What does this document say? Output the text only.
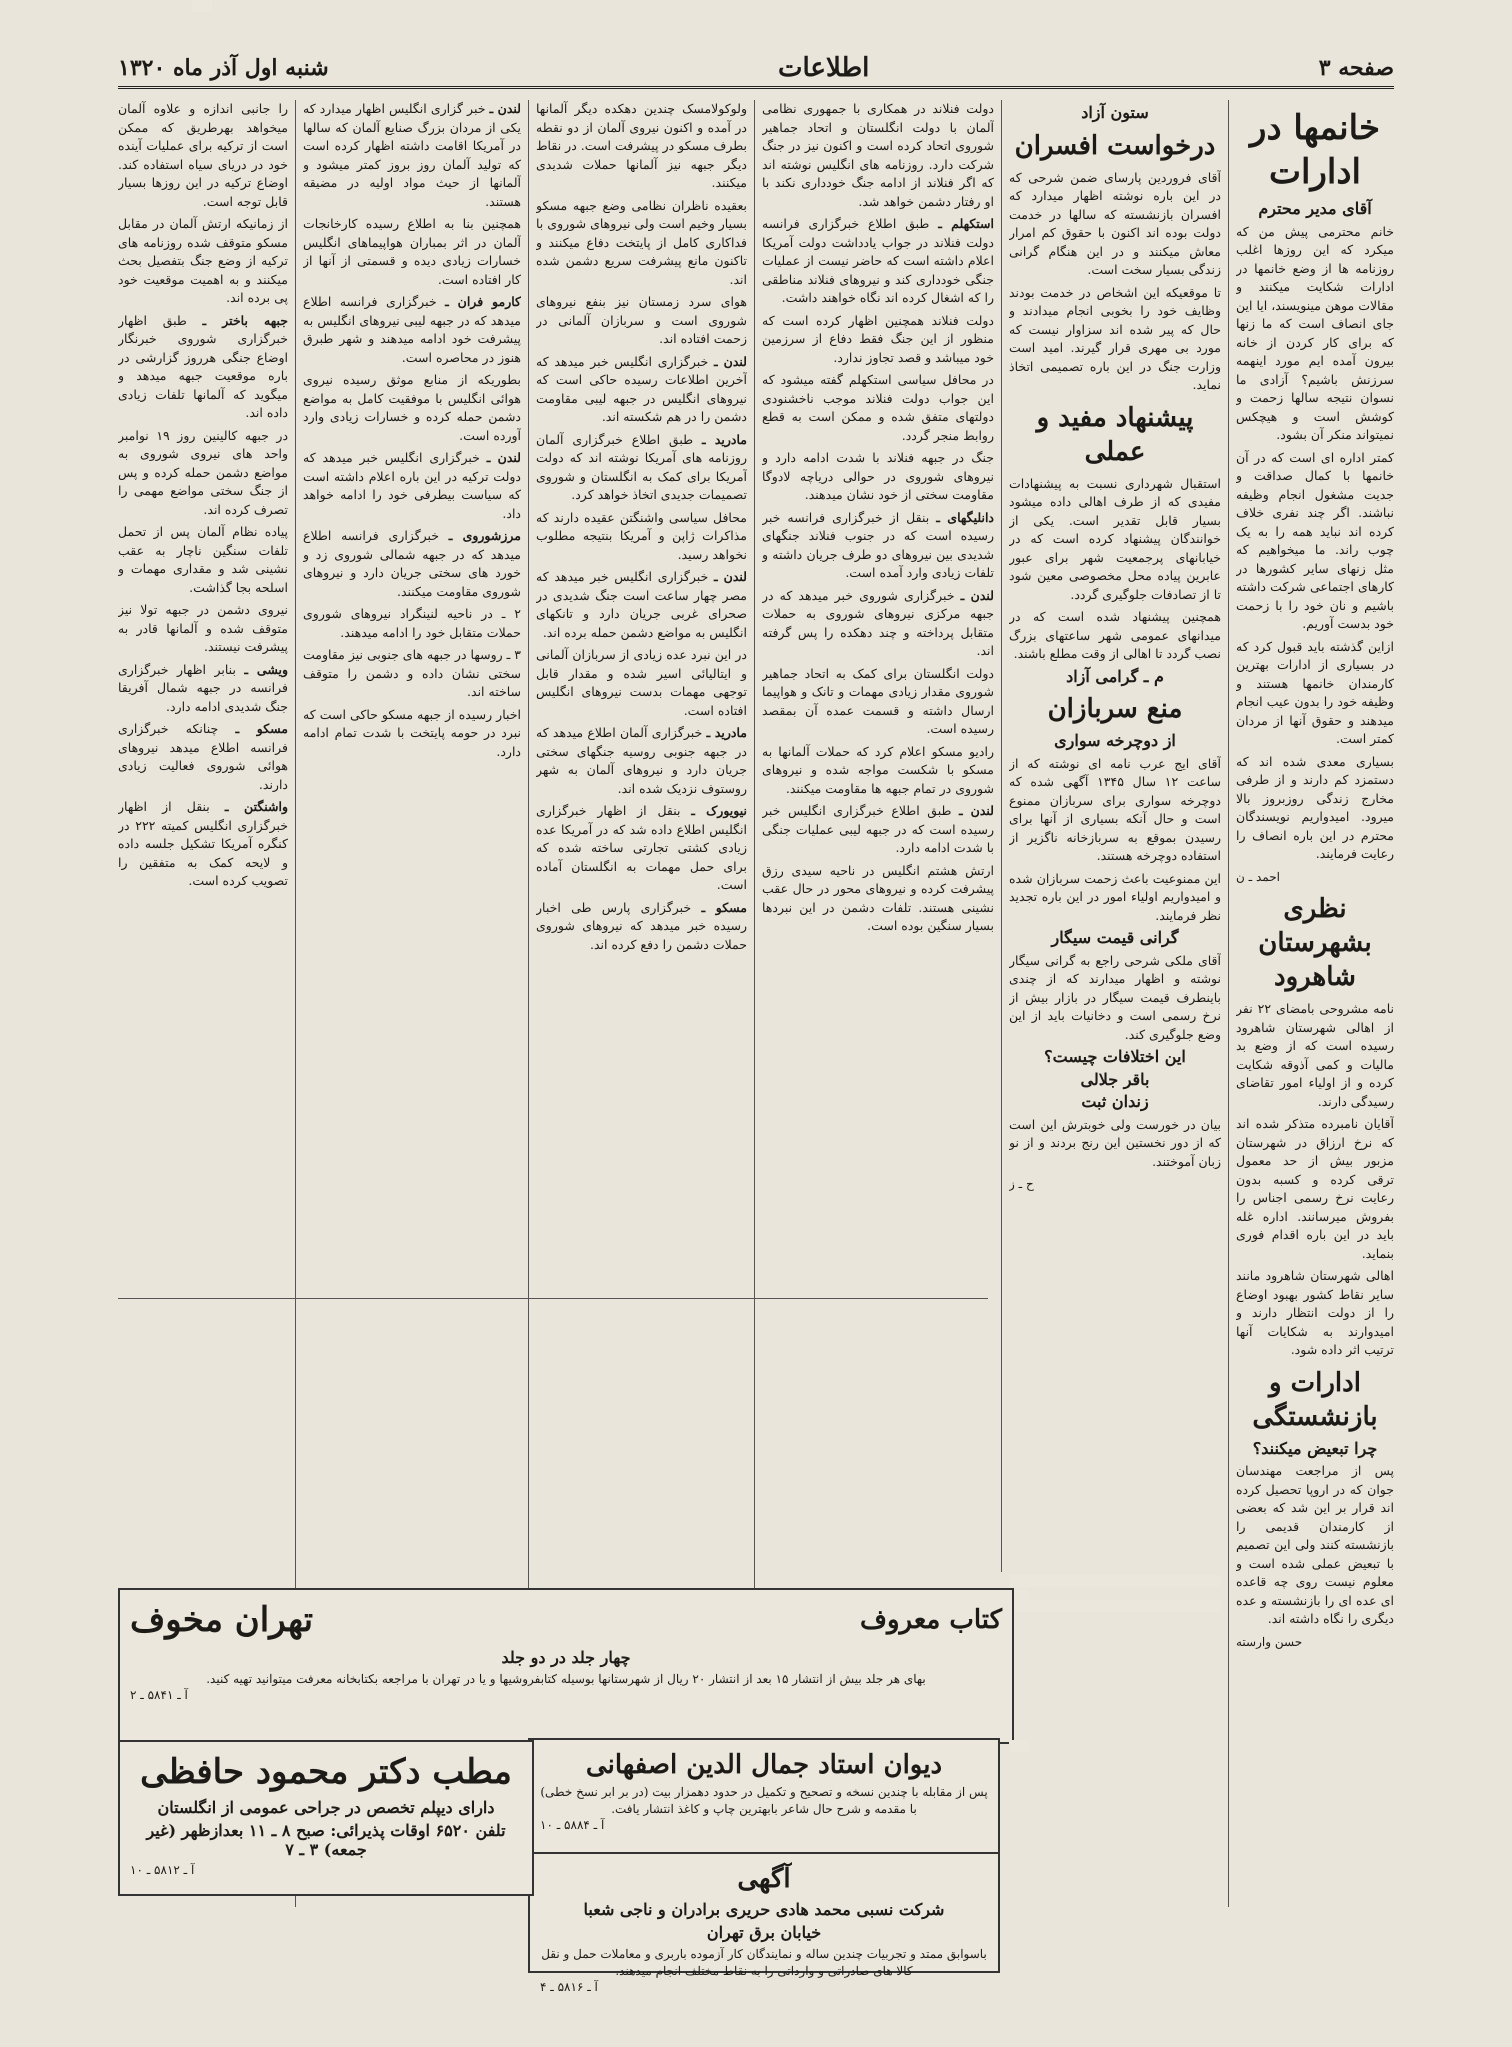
صفحه ۳
اطلاعات
شنبه اول آذر ماه ۱۳۲۰
خانمها در ادارات
آقای مدیر محترم

خانم محترمی پیش من که میکرد که این روزها اغلب روزنامه ها از وضع خانمها در ادارات شکایت میکنند و مقالات موهن مینویسند، ایا این جای انصاف است که ما زنها که برای کار کردن از خانه بیرون آمده ایم مورد اینهمه سرزنش باشیم؟ آزادی ما نسوان نتیجه سالها زحمت و کوشش است و هیچکس نمیتواند منکر آن بشود.

کمتر اداره ای است که در آن خانمها با کمال صداقت و جدیت مشغول انجام وظیفه نباشند. اگر چند نفری خلاف کرده اند نباید همه را به یک چوب راند. ما میخواهیم که مثل زنهای سایر کشورها در کارهای اجتماعی شرکت داشته باشیم و نان خود را با زحمت خود بدست آوریم.

ازاین گذشته باید قبول کرد که در بسیاری از ادارات بهترین کارمندان خانمها هستند و وظیفه خود را بدون عیب انجام میدهند و حقوق آنها از مردان کمتر است.

بسیاری معدی شده اند که دستمزد کم دارند و از طرفی مخارج زندگی روزبروز بالا میرود. امیدواریم نویسندگان محترم در این باره انصاف را رعایت فرمایند.

احمد ـ ن
نظری بشهرستان شاهرود

نامه مشروحی بامضای ۲۲ نفر از اهالی شهرستان شاهرود رسیده است که از وضع بد مالیات و کمی آذوقه شکایت کرده و از اولیاء امور تقاضای رسیدگی دارند.

آقایان نامبرده متذکر شده اند که نرخ ارزاق در شهرستان مزبور بیش از حد معمول ترقی کرده و کسبه بدون رعایت نرخ رسمی اجناس را بفروش میرسانند. اداره غله باید در این باره اقدام فوری بنماید.

اهالی شهرستان شاهرود مانند سایر نقاط کشور بهبود اوضاع را از دولت انتظار دارند و امیدوارند به شکایات آنها ترتیب اثر داده شود.

ادارات و بازنشستگی
چرا تبعیض میکنند؟

پس از مراجعت مهندسان جوان که در اروپا تحصیل کرده اند قرار بر این شد که بعضی از کارمندان قدیمی را بازنشسته کنند ولی این تصمیم با تبعیض عملی شده است و معلوم نیست روی چه قاعده ای عده ای را بازنشسته و عده دیگری را نگاه داشته اند.

حسن وارسته
ستون آزاد
درخواست افسران

آقای فروردین پارسای ضمن شرحی که در این باره نوشته اظهار میدارد که افسران بازنشسته که سالها در خدمت دولت بوده اند اکنون با حقوق کم امرار معاش میکنند و در این هنگام گرانی زندگی بسیار سخت است.

تا موقعیکه این اشخاص در خدمت بودند وظایف خود را بخوبی انجام میدادند و حال که پیر شده اند سزاوار نیست که مورد بی مهری قرار گیرند. امید است وزارت جنگ در این باره تصمیمی اتخاذ نماید.

پیشنهاد مفید و عملی

استقبال شهرداری نسبت به پیشنهادات مفیدی که از طرف اهالی داده میشود بسیار قابل تقدیر است. یکی از خوانندگان پیشنهاد کرده است که در خیابانهای پرجمعیت شهر برای عبور عابرین پیاده محل مخصوصی معین شود تا از تصادفات جلوگیری گردد.

همچنین پیشنهاد شده است که در میدانهای عمومی شهر ساعتهای بزرگ نصب گردد تا اهالی از وقت مطلع باشند.

م ـ گرامی آزاد
منع سربازان
از دوچرخه سواری

آقای ایج عرب نامه ای نوشته که از ساعت ۱۲ سال ۱۳۴۵ آگهی شده که دوچرخه سواری برای سربازان ممنوع است و حال آنکه بسیاری از آنها برای رسیدن بموقع به سربازخانه ناگزیر از استفاده دوچرخه هستند.

این ممنوعیت باعث زحمت سربازان شده و امیدواریم اولیاء امور در این باره تجدید نظر فرمایند.

گرانی قیمت سیگار

آقای ملکی شرحی راجع به گرانی سیگار نوشته و اظهار میدارند که از چندی باینطرف قیمت سیگار در بازار بیش از نرخ رسمی است و دخانیات باید از این وضع جلوگیری کند.

این اختلافات چیست؟
باقر جلالی
زندان ثبت

بیان در خورست ولی خوبترش این است که از دور نخستین این رنج بردند و از نو زبان آموختند.

ح ـ ز

دولت فنلاند در همکاری با جمهوری نظامی آلمان با دولت انگلستان و اتحاد جماهیر شوروی اتحاد کرده است و اکنون نیز در جنگ شرکت دارد. روزنامه های انگلیس نوشته اند که اگر فنلاند از ادامه جنگ خودداری نکند با او رفتار دشمن خواهد شد.

استکهلم ـ طبق اطلاع خبرگزاری فرانسه دولت فنلاند در جواب یادداشت دولت آمریکا اعلام داشته است که حاضر نیست از عملیات جنگی خودداری کند و نیروهای فنلاند مناطقی را که اشغال کرده اند نگاه خواهند داشت.

دولت فنلاند همچنین اظهار کرده است که منظور از این جنگ فقط دفاع از سرزمین خود میباشد و قصد تجاوز ندارد.

در محافل سیاسی استکهلم گفته میشود که این جواب دولت فنلاند موجب ناخشنودی دولتهای متفق شده و ممکن است به قطع روابط منجر گردد.

جنگ در جبهه فنلاند با شدت ادامه دارد و نیروهای شوروی در حوالی دریاچه لادوگا مقاومت سختی از خود نشان میدهند.

دانلیگهای ـ بنقل از خبرگزاری فرانسه خبر رسیده است که در جنوب فنلاند جنگهای شدیدی بین نیروهای دو طرف جریان داشته و تلفات زیادی وارد آمده است.

لندن ـ خبرگزاری شوروی خبر میدهد که در جبهه مرکزی نیروهای شوروی به حملات متقابل پرداخته و چند دهکده را پس گرفته اند.

دولت انگلستان برای کمک به اتحاد جماهیر شوروی مقدار زیادی مهمات و تانک و هواپیما ارسال داشته و قسمت عمده آن بمقصد رسیده است.

رادیو مسکو اعلام کرد که حملات آلمانها به مسکو با شکست مواجه شده و نیروهای شوروی در تمام جبهه ها مقاومت میکنند.

لندن ـ طبق اطلاع خبرگزاری انگلیس خبر رسیده است که در جبهه لیبی عملیات جنگی با شدت ادامه دارد.

ارتش هشتم انگلیس در ناحیه سیدی رزق پیشرفت کرده و نیروهای محور در حال عقب نشینی هستند. تلفات دشمن در این نبردها بسیار سنگین بوده است.

ولوکولامسک چندین دهکده دیگر آلمانها در آمده و اکنون نیروی آلمان از دو نقطه بطرف مسکو در پیشرفت است. در نقاط دیگر جبهه نیز آلمانها حملات شدیدی میکنند.

بعقیده ناظران نظامی وضع جبهه مسکو بسیار وخیم است ولی نیروهای شوروی با فداکاری کامل از پایتخت دفاع میکنند و تاکنون مانع پیشرفت سریع دشمن شده اند.

هوای سرد زمستان نیز بنفع نیروهای شوروی است و سربازان آلمانی در زحمت افتاده اند.

لندن ـ خبرگزاری انگلیس خبر میدهد که آخرین اطلاعات رسیده حاکی است که نیروهای انگلیس در جبهه لیبی مقاومت دشمن را در هم شکسته اند.

مادرید ـ طبق اطلاع خبرگزاری آلمان روزنامه های آمریکا نوشته اند که دولت آمریکا برای کمک به انگلستان و شوروی تصمیمات جدیدی اتخاذ خواهد کرد.

محافل سیاسی واشنگتن عقیده دارند که مذاکرات ژاپن و آمریکا بنتیجه مطلوب نخواهد رسید.

لندن ـ خبرگزاری انگلیس خبر میدهد که مصر چهار ساعت است جنگ شدیدی در صحرای غربی جریان دارد و تانکهای انگلیس به مواضع دشمن حمله برده اند.

در این نبرد عده زیادی از سربازان آلمانی و ایتالیائی اسیر شده و مقدار قابل توجهی مهمات بدست نیروهای انگلیس افتاده است.

مادرید ـ خبرگزاری آلمان اطلاع میدهد که در جبهه جنوبی روسیه جنگهای سختی جریان دارد و نیروهای آلمان به شهر روستوف نزدیک شده اند.

نیویورک ـ بنقل از اظهار خبرگزاری انگلیس اطلاع داده شد که در آمریکا عده زیادی کشتی تجارتی ساخته شده که برای حمل مهمات به انگلستان آماده است.

مسکو ـ خبرگزاری پارس طی اخبار رسیده خبر میدهد که نیروهای شوروی حملات دشمن را دفع کرده اند.

لندن ـ خبر گزاری انگلیس اظهار میدارد که یکی از مردان بزرگ صنایع آلمان که سالها در آمریکا اقامت داشته اظهار کرده است که تولید آلمان روز بروز کمتر میشود و آلمانها از حیث مواد اولیه در مضیقه هستند.

همچنین بنا به اطلاع رسیده کارخانجات آلمان در اثر بمباران هواپیماهای انگلیس خسارات زیادی دیده و قسمتی از آنها از کار افتاده است.

کارمو فران ـ خبرگزاری فرانسه اطلاع میدهد که در جبهه لیبی نیروهای انگلیس به پیشرفت خود ادامه میدهند و شهر طبرق هنوز در محاصره است.

بطوریکه از منابع موثق رسیده نیروی هوائی انگلیس با موفقیت کامل به مواضع دشمن حمله کرده و خسارات زیادی وارد آورده است.

لندن ـ خبرگزاری انگلیس خبر میدهد که دولت ترکیه در این باره اعلام داشته است که سیاست بیطرفی خود را ادامه خواهد داد.

مرزشوروی ـ خبرگزاری فرانسه اطلاع میدهد که در جبهه شمالی شوروی زد و خورد های سختی جریان دارد و نیروهای شوروی مقاومت میکنند.

۲ ـ در ناحیه لنینگراد نیروهای شوروی حملات متقابل خود را ادامه میدهند.

۳ ـ روسها در جبهه های جنوبی نیز مقاومت سختی نشان داده و دشمن را متوقف ساخته اند.

اخبار رسیده از جبهه مسکو حاکی است که نبرد در حومه پایتخت با شدت تمام ادامه دارد.

را جانبی اندازه و علاوه آلمان میخواهد بهرطریق که ممکن است از ترکیه برای عملیات آینده خود در دریای سیاه استفاده کند. اوضاع ترکیه در این روزها بسیار قابل توجه است.

از زمانیکه ارتش آلمان در مقابل مسکو متوقف شده روزنامه های ترکیه از وضع جنگ بتفصیل بحث میکنند و به اهمیت موقعیت خود پی برده اند.

جبهه باختر ـ طبق اظهار خبرگزاری شوروی خبرنگار اوضاع جنگی هرروز گزارشی در باره موقعیت جبهه میدهد و میگوید که آلمانها تلفات زیادی داده اند.

در جبهه کالینین روز ۱۹ نوامبر واحد های نیروی شوروی به مواضع دشمن حمله کرده و پس از جنگ سختی مواضع مهمی را تصرف کرده اند.

پیاده نظام آلمان پس از تحمل تلفات سنگین ناچار به عقب نشینی شد و مقداری مهمات و اسلحه بجا گذاشت.

نیروی دشمن در جبهه تولا نیز متوقف شده و آلمانها قادر به پیشرفت نیستند.

ویشی ـ بنابر اظهار خبرگزاری فرانسه در جبهه شمال آفریقا جنگ شدیدی ادامه دارد.

مسکو ـ چنانکه خبرگزاری فرانسه اطلاع میدهد نیروهای هوائی شوروی فعالیت زیادی دارند.

واشنگتن ـ بنقل از اظهار خبرگزاری انگلیس کمیته ۲۲۲ در کنگره آمریکا تشکیل جلسه داده و لایحه کمک به متفقین را تصویب کرده است.

کتاب معروف
تهران مخوف
چهار جلد در دو جلد
بهای هر جلد بیش از انتشار ۱۵ بعد از انتشار ۲۰ ریال از شهرستانها بوسیله کتابفروشیها و یا در تهران با مراجعه بکتابخانه معرفت میتوانید تهیه کنید.
آ ـ ۵۸۴۱ ـ ۲
دیوان استاد جمال الدین اصفهانی
پس از مقابله با چندین نسخه و تصحیح و تکمیل در حدود دهمزار بیت (در بر ابر نسخ خطی) با مقدمه و شرح حال شاعر بابهترین چاپ و کاغذ انتشار یافت.
آ ـ ۵۸۸۴ ـ ۱۰
آگهی
شرکت نسبی محمد هادی حریری برادران و ناجی شعبا
خیابان برق تهران
باسوابق ممتد و تجربیات چندین ساله و نمایندگان کار آزموده باربری و معاملات حمل و نقل کالا های صادراتی و وارداتی را به نقاط مختلف انجام میدهند.
آ ـ ۵۸۱۶ ـ ۴
مطب دکتر محمود حافظی
دارای دیپلم تخصص در جراحی عمومی از انگلستان
تلفن ۶۵۲۰ اوقات پذیرائی: صبح ۸ ـ ۱۱ بعدازظهر (غیر جمعه) ۳ ـ ۷
آ ـ ۵۸۱۲ ـ ۱۰
